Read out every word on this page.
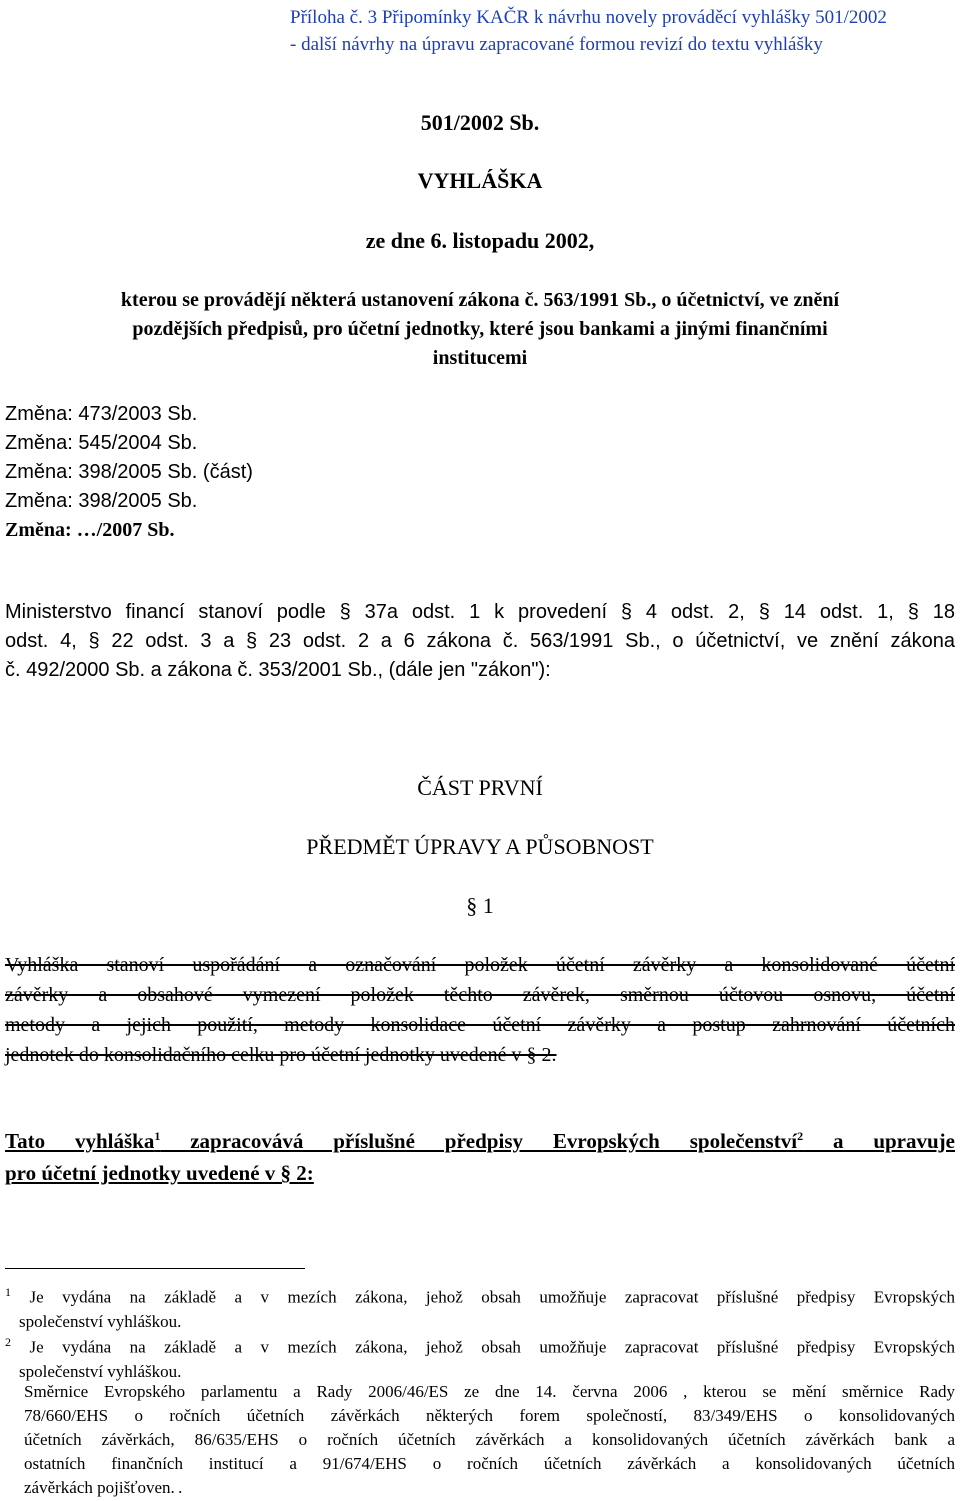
Příloha č. 3 Připomínky KAČR k návrhu novely prováděcí vyhlášky 501/2002
- další návrhy na úpravu zapracované formou revizí do textu vyhlášky
501/2002 Sb.
VYHLÁŠKA
ze dne 6. listopadu 2002,
kterou se provádějí některá ustanovení zákona č. 563/1991 Sb., o účetnictví, ve znění
pozdějších předpisů, pro účetní jednotky, které jsou bankami a jinými finančními
institucemi
Změna: 473/2003 Sb.
Změna: 545/2004 Sb.
Změna: 398/2005 Sb. (část)
Změna: 398/2005 Sb.
Změna: …/2007 Sb.
Ministerstvo financí stanoví podle § 37a odst. 1 k provedení § 4 odst. 2, § 14 odst. 1, § 18
odst. 4, § 22 odst. 3 a § 23 odst. 2 a 6 zákona č. 563/1991 Sb., o účetnictví, ve znění zákona
č. 492/2000 Sb. a zákona č. 353/2001 Sb., (dále jen "zákon"):
ČÁST PRVNÍ
PŘEDMĚT ÚPRAVY A PŮSOBNOST
§ 1
Vyhláška stanoví uspořádání a označování položek účetní závěrky a konsolidované účetní
závěrky a obsahové vymezení položek těchto závěrek, směrnou účtovou osnovu, účetní
metody a jejich použití, metody konsolidace účetní závěrky a postup zahrnování účetních
jednotek do konsolidačního celku pro účetní jednotky uvedené v § 2.
Tato vyhláška$^1$ zapracovává příslušné předpisy Evropských společenství$^2$ a upravuje
pro účetní jednotky uvedené v § 2:
$^1$ Je vydána na základě a v mezích zákona, jehož obsah umožňuje zapracovat příslušné předpisy Evropských
společenství vyhláškou.
$^2$ Je vydána na základě a v mezích zákona, jehož obsah umožňuje zapracovat příslušné předpisy Evropských
společenství vyhláškou.
Směrnice Evropského parlamentu a Rady 2006/46/ES ze dne 14. června 2006 , kterou se mění směrnice Rady
78/660/EHS o ročních účetních závěrkách některých forem společností, 83/349/EHS o konsolidovaných
účetních závěrkách, 86/635/EHS o ročních účetních závěrkách a konsolidovaných účetních závěrkách bank a
ostatních finančních institucí a 91/674/EHS o ročních účetních závěrkách a konsolidovaných účetních
závěrkách pojišťoven. .
